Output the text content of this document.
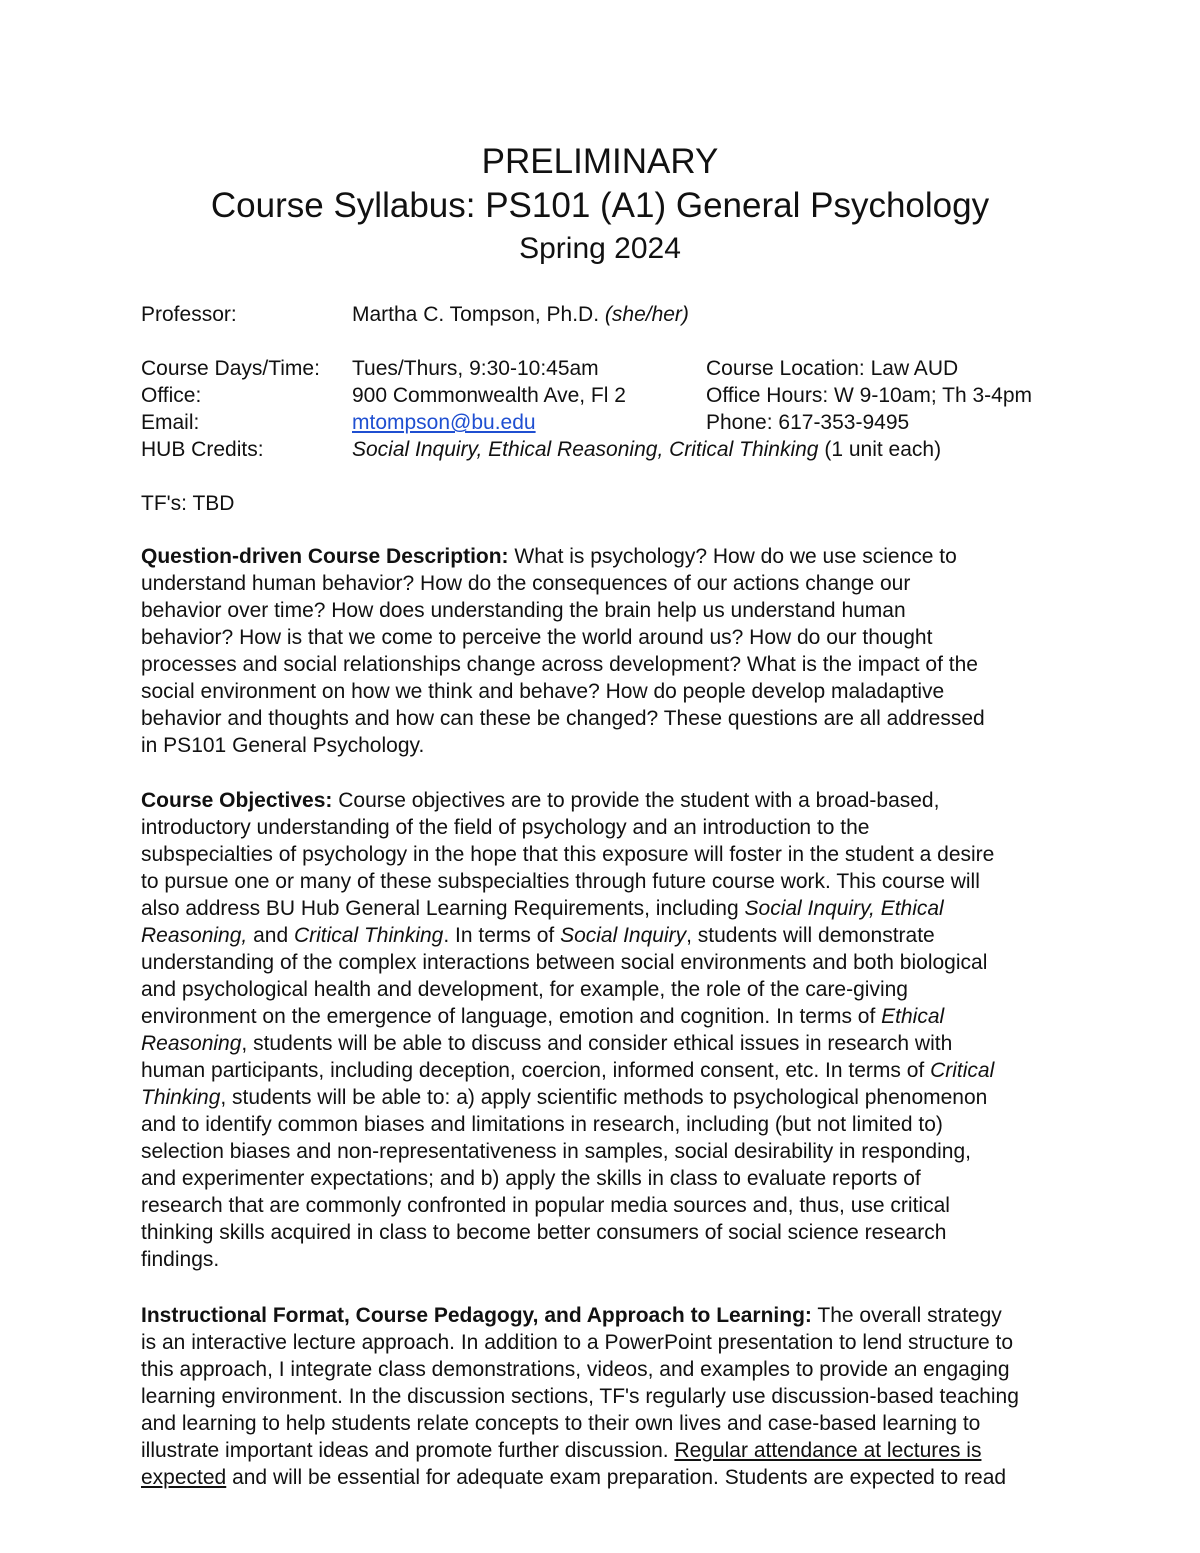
PRELIMINARY
Course Syllabus: PS101 (A1) General Psychology
Spring 2024
Professor:	Martha C. Tompson, Ph.D. (she/her)
Course Days/Time: Tues/Thurs, 9:30-10:45am	Course Location: Law AUD
Office:	900 Commonwealth Ave, Fl 2	Office Hours: W 9-10am; Th 3-4pm
Email:	mtompson@bu.edu	Phone: 617-353-9495
HUB Credits:	Social Inquiry, Ethical Reasoning, Critical Thinking (1 unit each)
TF's: TBD
Question-driven Course Description: What is psychology? How do we use science to
understand human behavior? How do the consequences of our actions change our
behavior over time? How does understanding the brain help us understand human
behavior? How is that we come to perceive the world around us? How do our thought
processes and social relationships change across development? What is the impact of the
social environment on how we think and behave? How do people develop maladaptive
behavior and thoughts and how can these be changed? These questions are all addressed
in PS101 General Psychology.
Course Objectives: Course objectives are to provide the student with a broad-based,
introductory understanding of the field of psychology and an introduction to the
subspecialties of psychology in the hope that this exposure will foster in the student a desire
to pursue one or many of these subspecialties through future course work. This course will
also address BU Hub General Learning Requirements, including Social Inquiry, Ethical
Reasoning, and Critical Thinking. In terms of Social Inquiry, students will demonstrate
understanding of the complex interactions between social environments and both biological
and psychological health and development, for example, the role of the care-giving
environment on the emergence of language, emotion and cognition. In terms of Ethical
Reasoning, students will be able to discuss and consider ethical issues in research with
human participants, including deception, coercion, informed consent, etc. In terms of Critical
Thinking, students will be able to: a) apply scientific methods to psychological phenomenon
and to identify common biases and limitations in research, including (but not limited to)
selection biases and non-representativeness in samples, social desirability in responding,
and experimenter expectations; and b) apply the skills in class to evaluate reports of
research that are commonly confronted in popular media sources and, thus, use critical
thinking skills acquired in class to become better consumers of social science research
findings.
Instructional Format, Course Pedagogy, and Approach to Learning: The overall strategy
is an interactive lecture approach. In addition to a PowerPoint presentation to lend structure to
this approach, I integrate class demonstrations, videos, and examples to provide an engaging
learning environment. In the discussion sections, TF's regularly use discussion-based teaching
and learning to help students relate concepts to their own lives and case-based learning to
illustrate important ideas and promote further discussion. Regular attendance at lectures is
expected and will be essential for adequate exam preparation. Students are expected to read
